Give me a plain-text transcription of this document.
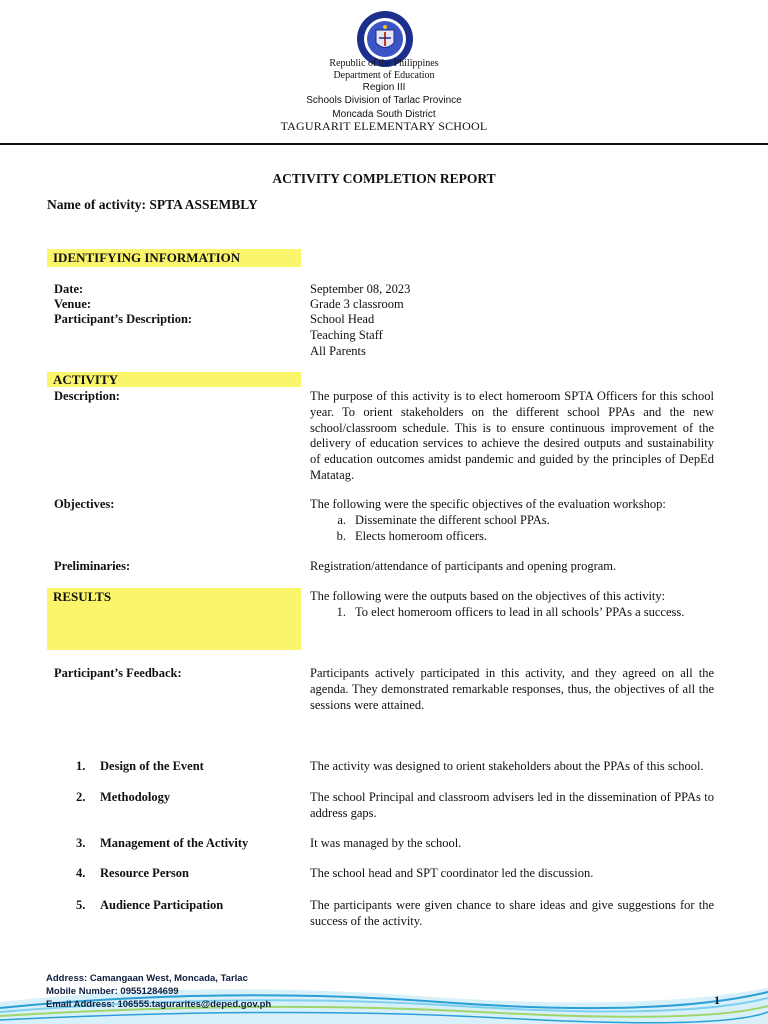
Republic of the Philippines
Department of Education
Region III
Schools Division of Tarlac Province
Moncada South District
TAGURARIT ELEMENTARY SCHOOL
ACTIVITY COMPLETION REPORT
Name of activity: SPTA ASSEMBLY
IDENTIFYING INFORMATION
Date:	September 08, 2023
Venue:	Grade 3 classroom
Participant’s Description:	School Head
Teaching Staff
All Parents
ACTIVITY
Description:	The purpose of this activity is to elect homeroom SPTA Officers for this school year. To orient stakeholders on the different school PPAs and the new school/classroom schedule. This is to ensure continuous improvement of the delivery of education services to achieve the desired outputs and sustainability of education outcomes amidst pandemic and guided by the principles of DepEd Matatag.
Objectives:	The following were the specific objectives of the evaluation workshop:
a. Disseminate the different school PPAs.
b. Elects homeroom officers.
Preliminaries:	Registration/attendance of participants and opening program.
RESULTS	The following were the outputs based on the objectives of this activity:
1. To elect homeroom officers to lead in all schools’ PPAs a success.
Participant’s Feedback:	Participants actively participated in this activity, and they agreed on all the agenda. They demonstrated remarkable responses, thus, the objectives of all the sessions were attained.
1. Design of the Event	The activity was designed to orient stakeholders about the PPAs of this school.
2. Methodology	The school Principal and classroom advisers led in the dissemination of PPAs to address gaps.
3. Management of the Activity	It was managed by the school.
4. Resource Person	The school head and SPT coordinator led the discussion.
5. Audience Participation	The participants were given chance to share ideas and give suggestions for the success of the activity.
Address: Camangaan West, Moncada, Tarlac
Mobile Number: 09551284699
Email Address: 106555.tagurarites@deped.gov.ph	1
